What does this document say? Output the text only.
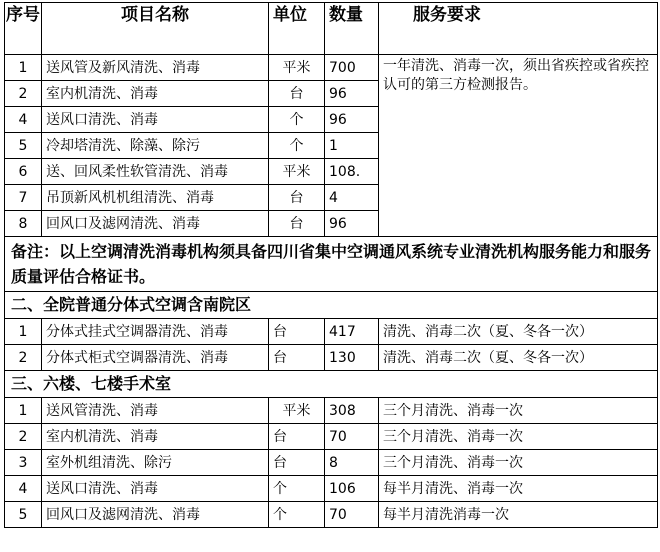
序号	项目名称	单位	数量	服务要求
1	送风管及新风清洗、消毒	平米	700	一年清洗、消毒一次，须出省疾控或省疾控认可的第三方检测报告。
2	室内机清洗、消毒	台	96	
4	送风口清洗、消毒	个	96	
5	冷却塔清洗、除藻、除污	个	1	
6	送、回风柔性软管清洗、消毒	平米	108.	
7	吊顶新风机机组清洗、消毒	台	4	
8	回风口及滤网清洗、消毒	台	96	
备注：以上空调清洗消毒机构须具备四川省集中空调通风系统专业清洗机构服务能力和服务质量评估合格证书。				
二、全院普通分体式空调含南院区				
1	分体式挂式空调器清洗、消毒	台	417	清洗、消毒二次（夏、冬各一次）
2	分体式柜式空调器清洗、消毒	台	130	清洗、消毒二次（夏、冬各一次）
三、六楼、七楼手术室				
1	送风管清洗、消毒	平米	308	三个月清洗、消毒一次
2	室内机清洗、消毒	台	70	三个月清洗、消毒一次
3	室外机组清洗、除污	台	8	三个月清洗、消毒一次
4	送风口清洗、消毒	个	106	每半月清洗、消毒一次
5	回风口及滤网清洗、消毒	个	70	每半月清洗消毒一次
